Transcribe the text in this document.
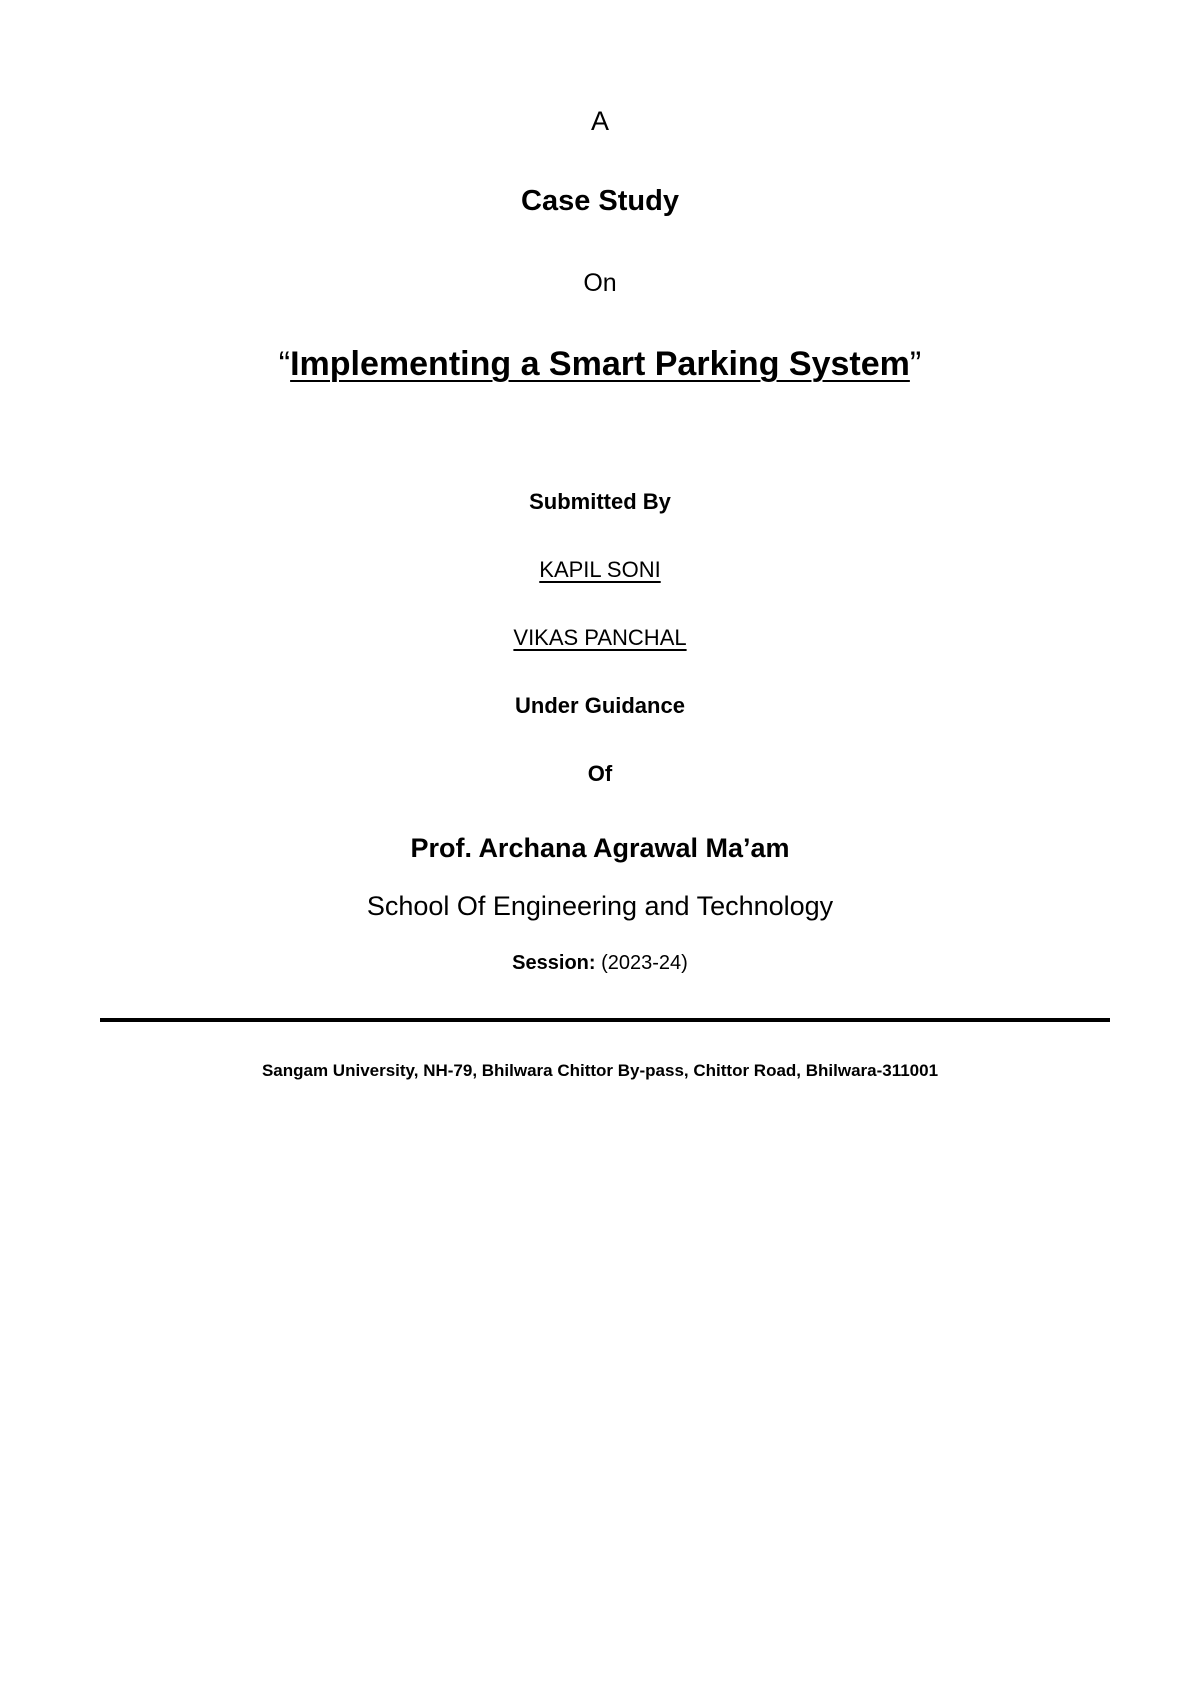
A
Case Study
On
“Implementing a Smart Parking System”
Submitted By
KAPIL SONI
VIKAS PANCHAL
Under Guidance
Of
Prof. Archana Agrawal Ma’am
School Of Engineering and Technology
Session: (2023-24)
Sangam University, NH-79, Bhilwara Chittor By-pass, Chittor Road, Bhilwara-311001
